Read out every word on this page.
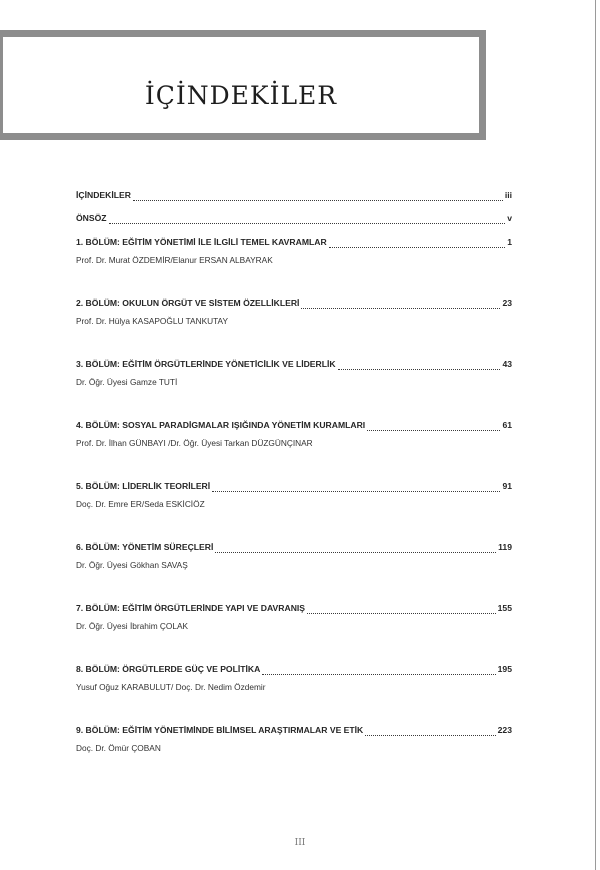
İÇİNDEKİLER
İÇİNDEKİLER	iii
ÖNSÖZ	v
1. BÖLÜM: EĞİTİM YÖNETİMİ İLE İLGİLİ TEMEL KAVRAMLAR	1
Prof. Dr. Murat ÖZDEMİR/Elanur ERSAN ALBAYRAK
2. BÖLÜM: OKULUN ÖRGÜT VE SİSTEM ÖZELLİKLERİ	23
Prof. Dr. Hülya KASAPOĞLU TANKUTAY
3. BÖLÜM: EĞİTİM ÖRGÜTLERİNDE YÖNETİCİLİK VE LİDERLİK	43
Dr. Öğr. Üyesi Gamze TUTİ
4. BÖLÜM: SOSYAL PARADİGMALAR IŞIĞINDA YÖNETİM KURAMLARI	61
Prof. Dr. İlhan GÜNBAYI /Dr. Öğr. Üyesi Tarkan DÜZGÜNÇINAR
5. BÖLÜM: LİDERLİK TEORİLERİ	91
Doç. Dr. Emre ER/Seda ESKİCİÖZ
6. BÖLÜM: YÖNETİM SÜREÇLERİ	119
Dr. Öğr. Üyesi Gökhan SAVAŞ
7. BÖLÜM: EĞİTİM ÖRGÜTLERİNDE YAPI VE DAVRANIŞ	155
Dr. Öğr. Üyesi İbrahim ÇOLAK
8. BÖLÜM: ÖRGÜTLERDE GÜÇ VE POLİTİKA	195
Yusuf Oğuz KARABULUT/ Doç. Dr. Nedim Özdemir
9. BÖLÜM: EĞİTİM YÖNETİMİNDE BİLİMSEL ARAŞTIRMALAR VE ETİK	223
Doç. Dr. Ömür ÇOBAN
III
